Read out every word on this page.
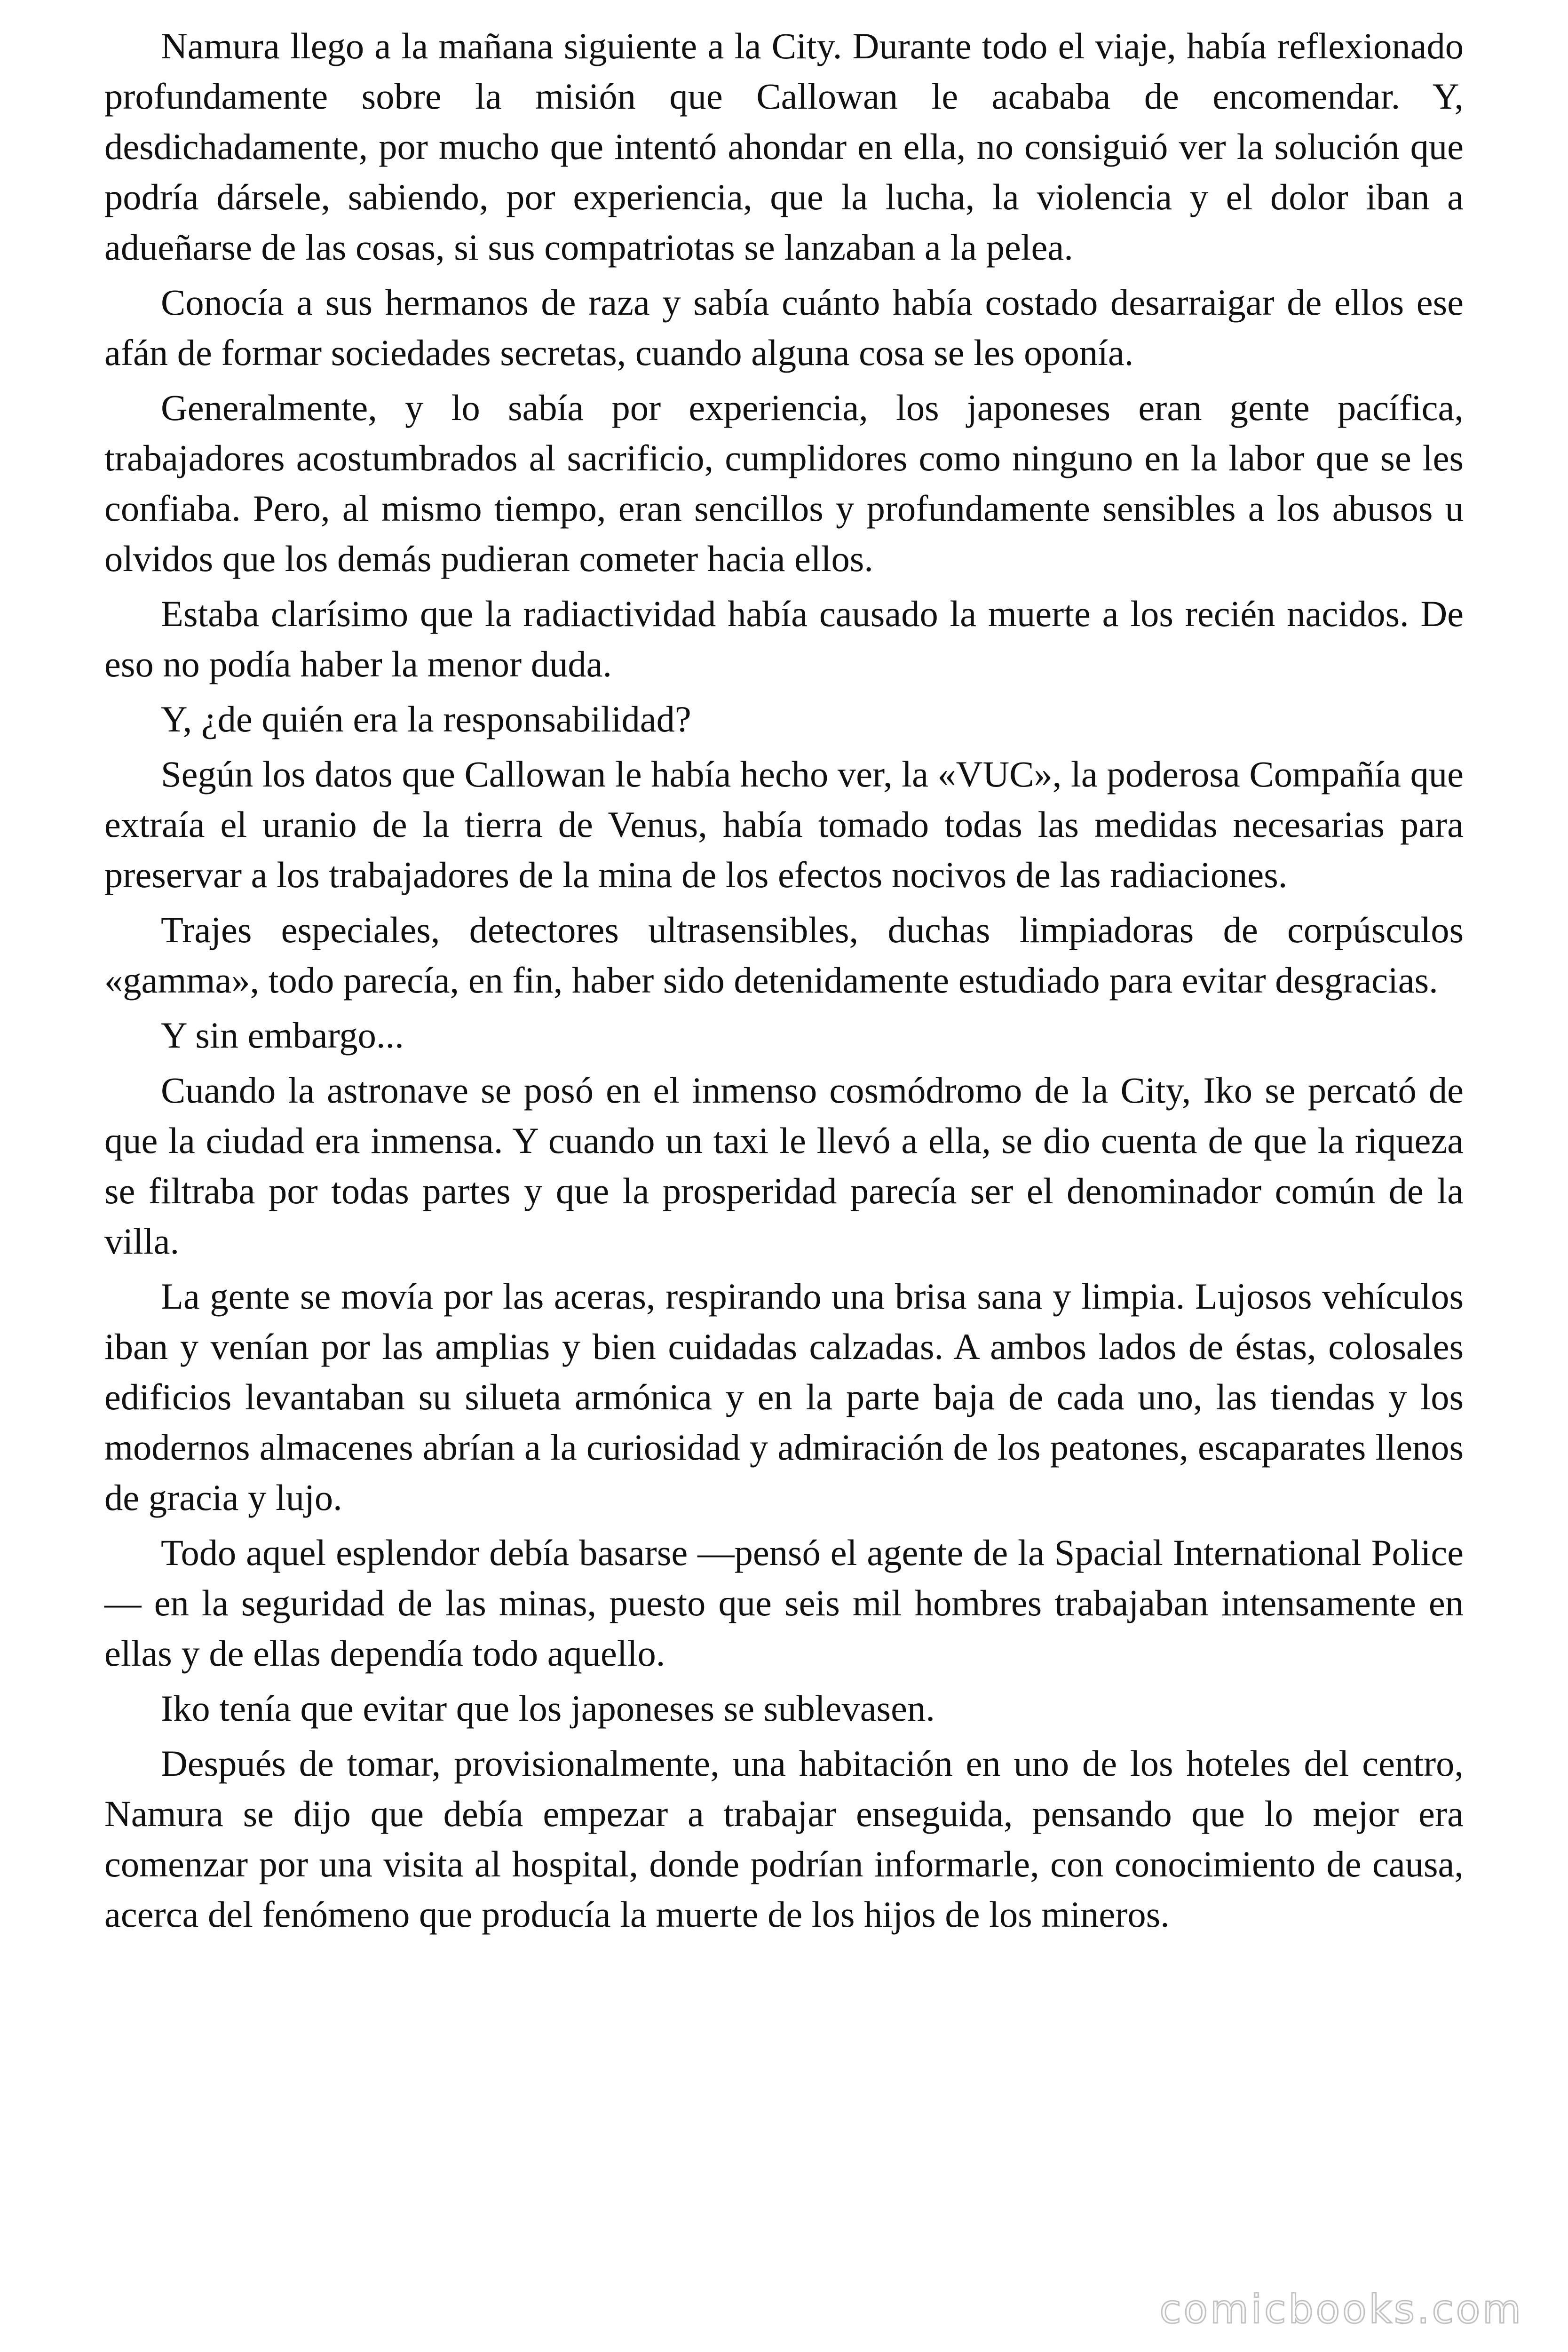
Namura llego a la mañana siguiente a la City. Durante todo el viaje, había reflexionado profundamente sobre la misión que Callowan le acababa de encomendar. Y, desdichadamente, por mucho que intentó ahondar en ella, no consiguió ver la solución que podría dársele, sabiendo, por experiencia, que la lucha, la violencia y el dolor iban a adueñarse de las cosas, si sus compatriotas se lanzaban a la pelea.

Conocía a sus hermanos de raza y sabía cuánto había costado desarraigar de ellos ese afán de formar sociedades secretas, cuando alguna cosa se les oponía.

Generalmente, y lo sabía por experiencia, los japoneses eran gente pacífica, trabajadores acostumbrados al sacrificio, cumplidores como ninguno en la labor que se les confiaba. Pero, al mismo tiempo, eran sencillos y profundamente sensibles a los abusos u olvidos que los demás pudieran cometer hacia ellos.

Estaba clarísimo que la radiactividad había causado la muerte a los recién nacidos. De eso no podía haber la menor duda.

Y, ¿de quién era la responsabilidad?

Según los datos que Callowan le había hecho ver, la «VUC», la poderosa Compañía que extraía el uranio de la tierra de Venus, había tomado todas las medidas necesarias para preservar a los trabajadores de la mina de los efectos nocivos de las radiaciones.

Trajes especiales, detectores ultrasensibles, duchas limpiadoras de corpúsculos «gamma», todo parecía, en fin, haber sido detenidamente estudiado para evitar desgracias.

Y sin embargo...

Cuando la astronave se posó en el inmenso cosmódromo de la City, Iko se percató de que la ciudad era inmensa. Y cuando un taxi le llevó a ella, se dio cuenta de que la riqueza se filtraba por todas partes y que la prosperidad parecía ser el denominador común de la villa.

La gente se movía por las aceras, respirando una brisa sana y limpia. Lujosos vehículos iban y venían por las amplias y bien cuidadas calzadas. A ambos lados de éstas, colosales edificios levantaban su silueta armónica y en la parte baja de cada uno, las tiendas y los modernos almacenes abrían a la curiosidad y admiración de los peatones, escaparates llenos de gracia y lujo.

Todo aquel esplendor debía basarse —pensó el agente de la Spacial International Police— en la seguridad de las minas, puesto que seis mil hombres trabajaban intensamente en ellas y de ellas dependía todo aquello.

Iko tenía que evitar que los japoneses se sublevasen.

Después de tomar, provisionalmente, una habitación en uno de los hoteles del centro, Namura se dijo que debía empezar a trabajar enseguida, pensando que lo mejor era comenzar por una visita al hospital, donde podrían informarle, con conocimiento de causa, acerca del fenómeno que producía la muerte de los hijos de los mineros.

comicbooks.com
